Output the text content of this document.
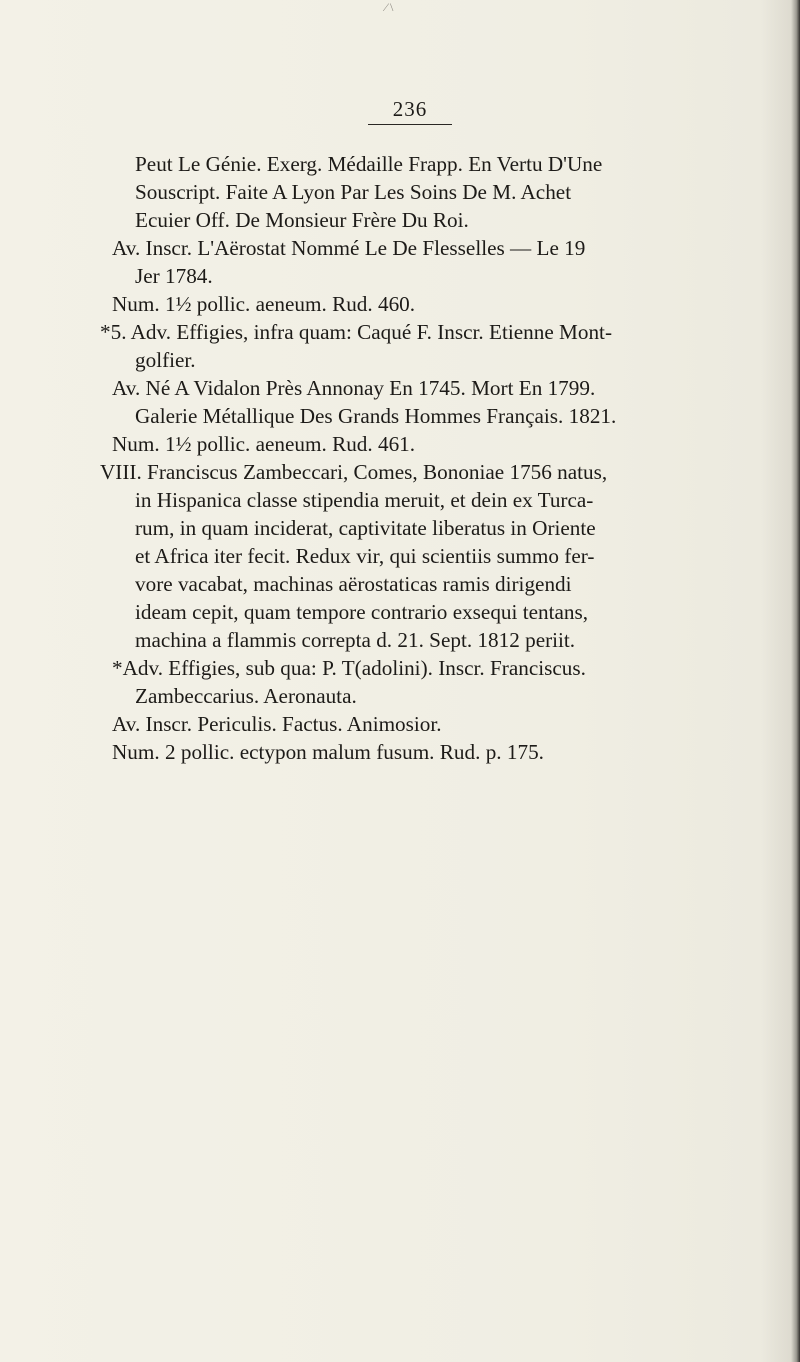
⁄ \
236
Peut Le Génie. Exerg. Médaille Frapp. En Vertu D'Une
Souscript. Faite A Lyon Par Les Soins De M. Achet
Ecuier Off. De Monsieur Frère Du Roi.
Av. Inscr. L'Aërostat Nommé Le De Flesselles — Le 19
Jer 1784.
Num. 1½ pollic. aeneum. Rud. 460.
*5. Adv. Effigies, infra quam: Caqué F. Inscr. Etienne Mont-
golfier.
Av. Né A Vidalon Près Annonay En 1745. Mort En 1799.
Galerie Métallique Des Grands Hommes Français. 1821.
Num. 1½ pollic. aeneum. Rud. 461.
VIII. Franciscus Zambeccari, Comes, Bononiae 1756 natus,
in Hispanica classe stipendia meruit, et dein ex Turca-
rum, in quam inciderat, captivitate liberatus in Oriente
et Africa iter fecit. Redux vir, qui scientiis summo fer-
vore vacabat, machinas aërostaticas ramis dirigendi
ideam cepit, quam tempore contrario exsequi tentans,
machina a flammis correpta d. 21. Sept. 1812 periit.
*Adv. Effigies, sub qua: P. T(adolini). Inscr. Franciscus.
Zambeccarius. Aeronauta.
Av. Inscr. Periculis. Factus. Animosior.
Num. 2 pollic. ectypon malum fusum. Rud. p. 175.
